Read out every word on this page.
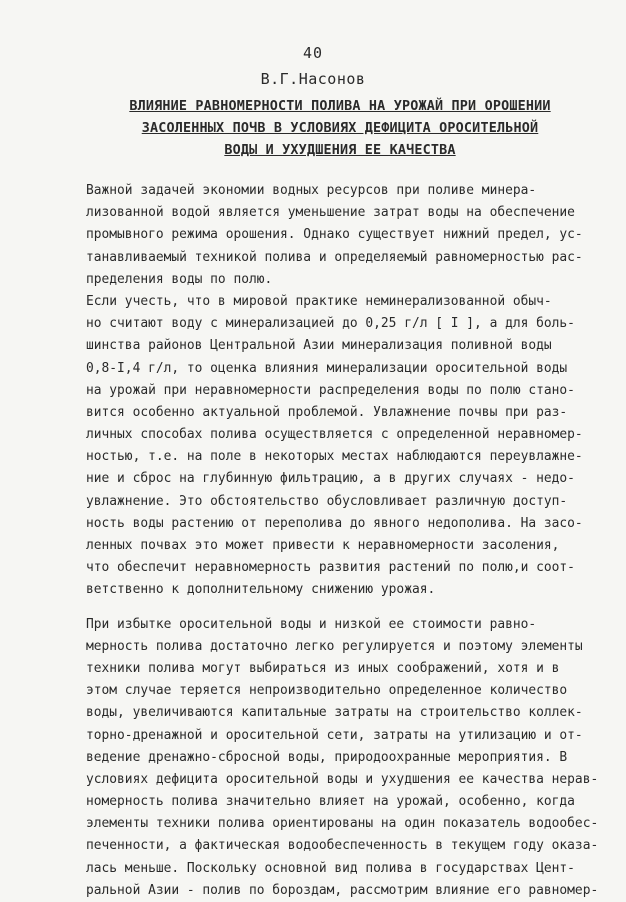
40
В.Г.Насонов
ВЛИЯНИЕ РАВНОМЕРНОСТИ ПОЛИВА НА УРОЖАЙ ПРИ ОРОШЕНИИ
ЗАСОЛЕННЫХ ПОЧВ В УСЛОВИЯХ ДЕФИЦИТА ОРОСИТЕЛЬНОЙ
ВОДЫ И УХУДШЕНИЯ ЕЕ КАЧЕСТВА
Важной задачей экономии водных ресурсов при поливе минера-
лизованной водой является уменьшение затрат воды на обеспечение
промывного режима орошения. Однако существует нижний предел, ус-
танавливаемый техникой полива и определяемый равномерностью рас-
пределения воды по полю.
Если учесть, что в мировой практике неминерализованной обыч-
но считают воду с минерализацией до 0,25 г/л [ I ], а для боль-
шинства районов Центральной Азии минерализация поливной воды
0,8-I,4 г/л, то оценка влияния минерализации оросительной воды
на урожай при неравномерности распределения воды по полю стано-
вится особенно актуальной проблемой. Увлажнение почвы при раз-
личных способах полива осуществляется с определенной неравномер-
ностью, т.е. на поле в некоторых местах наблюдаются переувлажне-
ние и сброс на глубинную фильтрацию, а в других случаях - недо-
увлажнение. Это обстоятельство обусловливает различную доступ-
ность воды растению от переполива до явного недополива. На засо-
ленных почвах это может привести к неравномерности засоления,
что обеспечит неравномерность развития растений по полю,и соот-
ветственно к дополнительному снижению урожая.
При избытке оросительной воды и низкой ее стоимости равно-
мерность полива достаточно легко регулируется и поэтому элементы
техники полива могут выбираться из иных соображений, хотя и в
этом случае теряется непроизводительно определенное количество
воды, увеличиваются капитальные затраты на строительство коллек-
торно-дренажной и оросительной сети, затраты на утилизацию и от-
ведение дренажно-сбросной воды, природоохранные мероприятия. В
условиях дефицита оросительной воды и ухудшения ее качества нерав-
номерность полива значительно влияет на урожай, особенно, когда
элементы техники полива ориентированы на один показатель водообес-
печенности, а фактическая водообеспеченность в текущем году оказа-
лась меньше. Поскольку основной вид полива в государствах Цент-
ральной Азии - полив по бороздам, рассмотрим влияние его равномер-
